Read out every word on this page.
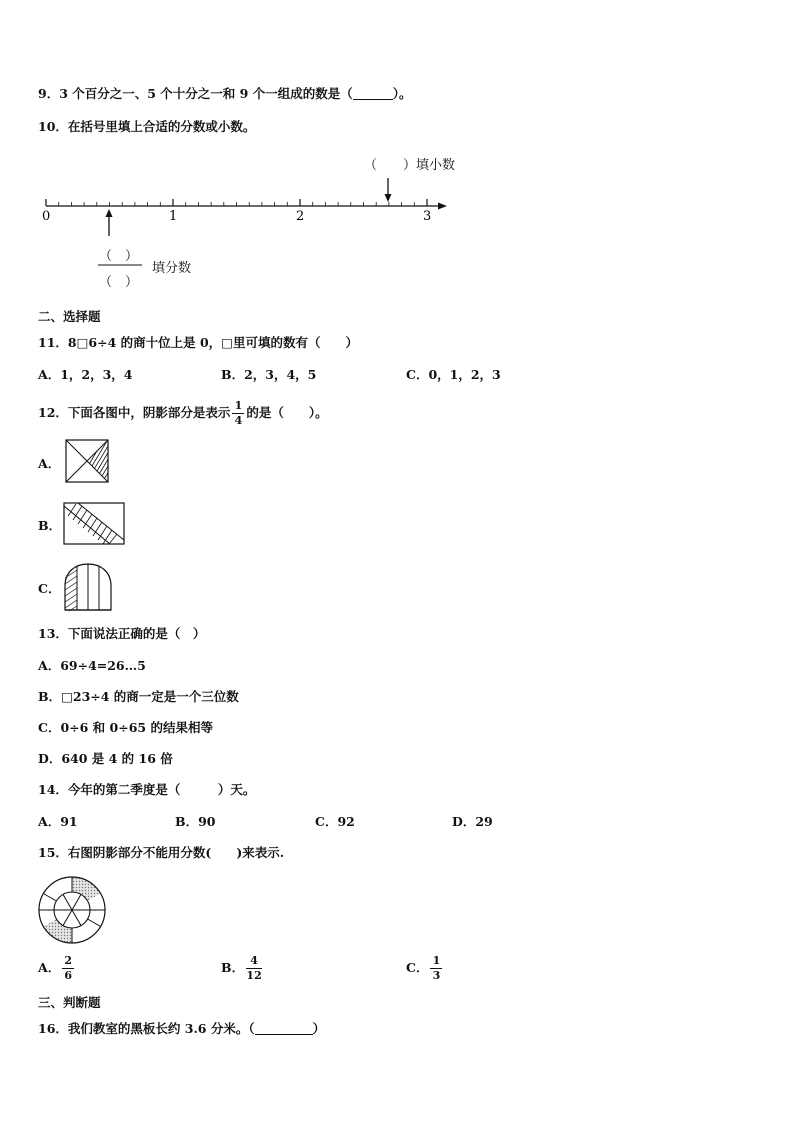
9．3 个百分之一、5 个十分之一和 9 个一组成的数是（	）。
10．在括号里填上合适的分数或小数。
（　　）填小数
0	1	2	3
（　）
（　）
填分数
二、选择题
11．8□6÷4 的商十位上是 0，□里可填的数有（　　）
A．1，2，3，4	B．2，3，4，5	C．0，1，2，3
12．下面各图中，阴影部分是表示 $\frac{1}{4}$ 的是（　　）。
A．
B．
C．
13．下面说法正确的是（　）
A．69÷4=26…5
B．□23÷4 的商一定是一个三位数
C．0÷6 和 0÷65 的结果相等
D．640 是 4 的 16 倍
14．今年的第二季度是（　　　）天。
A．91	B．90	C．92	D．29
15．右图阴影部分不能用分数(　　)来表示.
A． $\frac{2}{6}$	B． $\frac{4}{12}$	C． $\frac{1}{3}$
三、判断题
16．我们教室的黑板长约 3.6 分米。（	）
